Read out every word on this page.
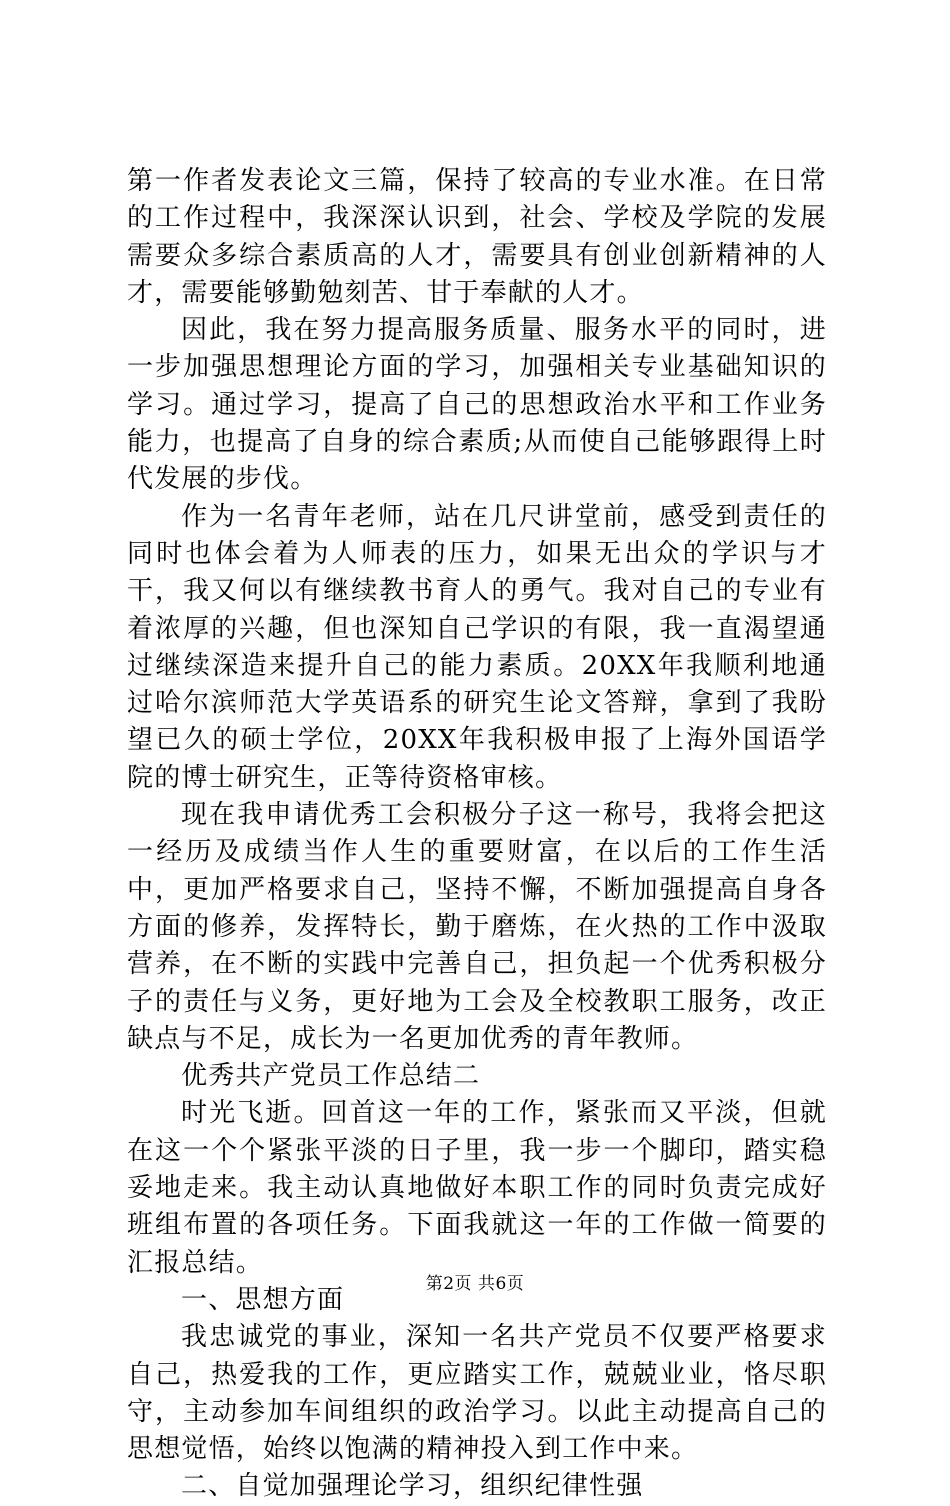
第一作者发表论文三篇，保持了较高的专业水准。在日常的工作过程中，我深深认识到，社会、学校及学院的发展需要众多综合素质高的人才，需要具有创业创新精神的人才，需要能够勤勉刻苦、甘于奉献的人才。

因此，我在努力提高服务质量、服务水平的同时，进一步加强思想理论方面的学习，加强相关专业基础知识的学习。通过学习，提高了自己的思想政治水平和工作业务能力，也提高了自身的综合素质;从而使自己能够跟得上时代发展的步伐。

作为一名青年老师，站在几尺讲堂前，感受到责任的同时也体会着为人师表的压力，如果无出众的学识与才干，我又何以有继续教书育人的勇气。我对自己的专业有着浓厚的兴趣，但也深知自己学识的有限，我一直渴望通过继续深造来提升自己的能力素质。20XX年我顺利地通过哈尔滨师范大学英语系的研究生论文答辩，拿到了我盼望已久的硕士学位，20XX年我积极申报了上海外国语学院的博士研究生，正等待资格审核。

现在我申请优秀工会积极分子这一称号，我将会把这一经历及成绩当作人生的重要财富，在以后的工作生活中，更加严格要求自己，坚持不懈，不断加强提高自身各方面的修养，发挥特长，勤于磨炼，在火热的工作中汲取营养，在不断的实践中完善自己，担负起一个优秀积极分子的责任与义务，更好地为工会及全校教职工服务，改正缺点与不足，成长为一名更加优秀的青年教师。

优秀共产党员工作总结二

时光飞逝。回首这一年的工作，紧张而又平淡，但就在这一个个紧张平淡的日子里，我一步一个脚印，踏实稳妥地走来。我主动认真地做好本职工作的同时负责完成好班组布置的各项任务。下面我就这一年的工作做一简要的汇报总结。

一、思想方面

我忠诚党的事业，深知一名共产党员不仅要严格要求自己，热爱我的工作，更应踏实工作，兢兢业业，恪尽职守，主动参加车间组织的政治学习。以此主动提高自己的思想觉悟，始终以饱满的精神投入到工作中来。

二、自觉加强理论学习，组织纪律性强

第2页 共6页
